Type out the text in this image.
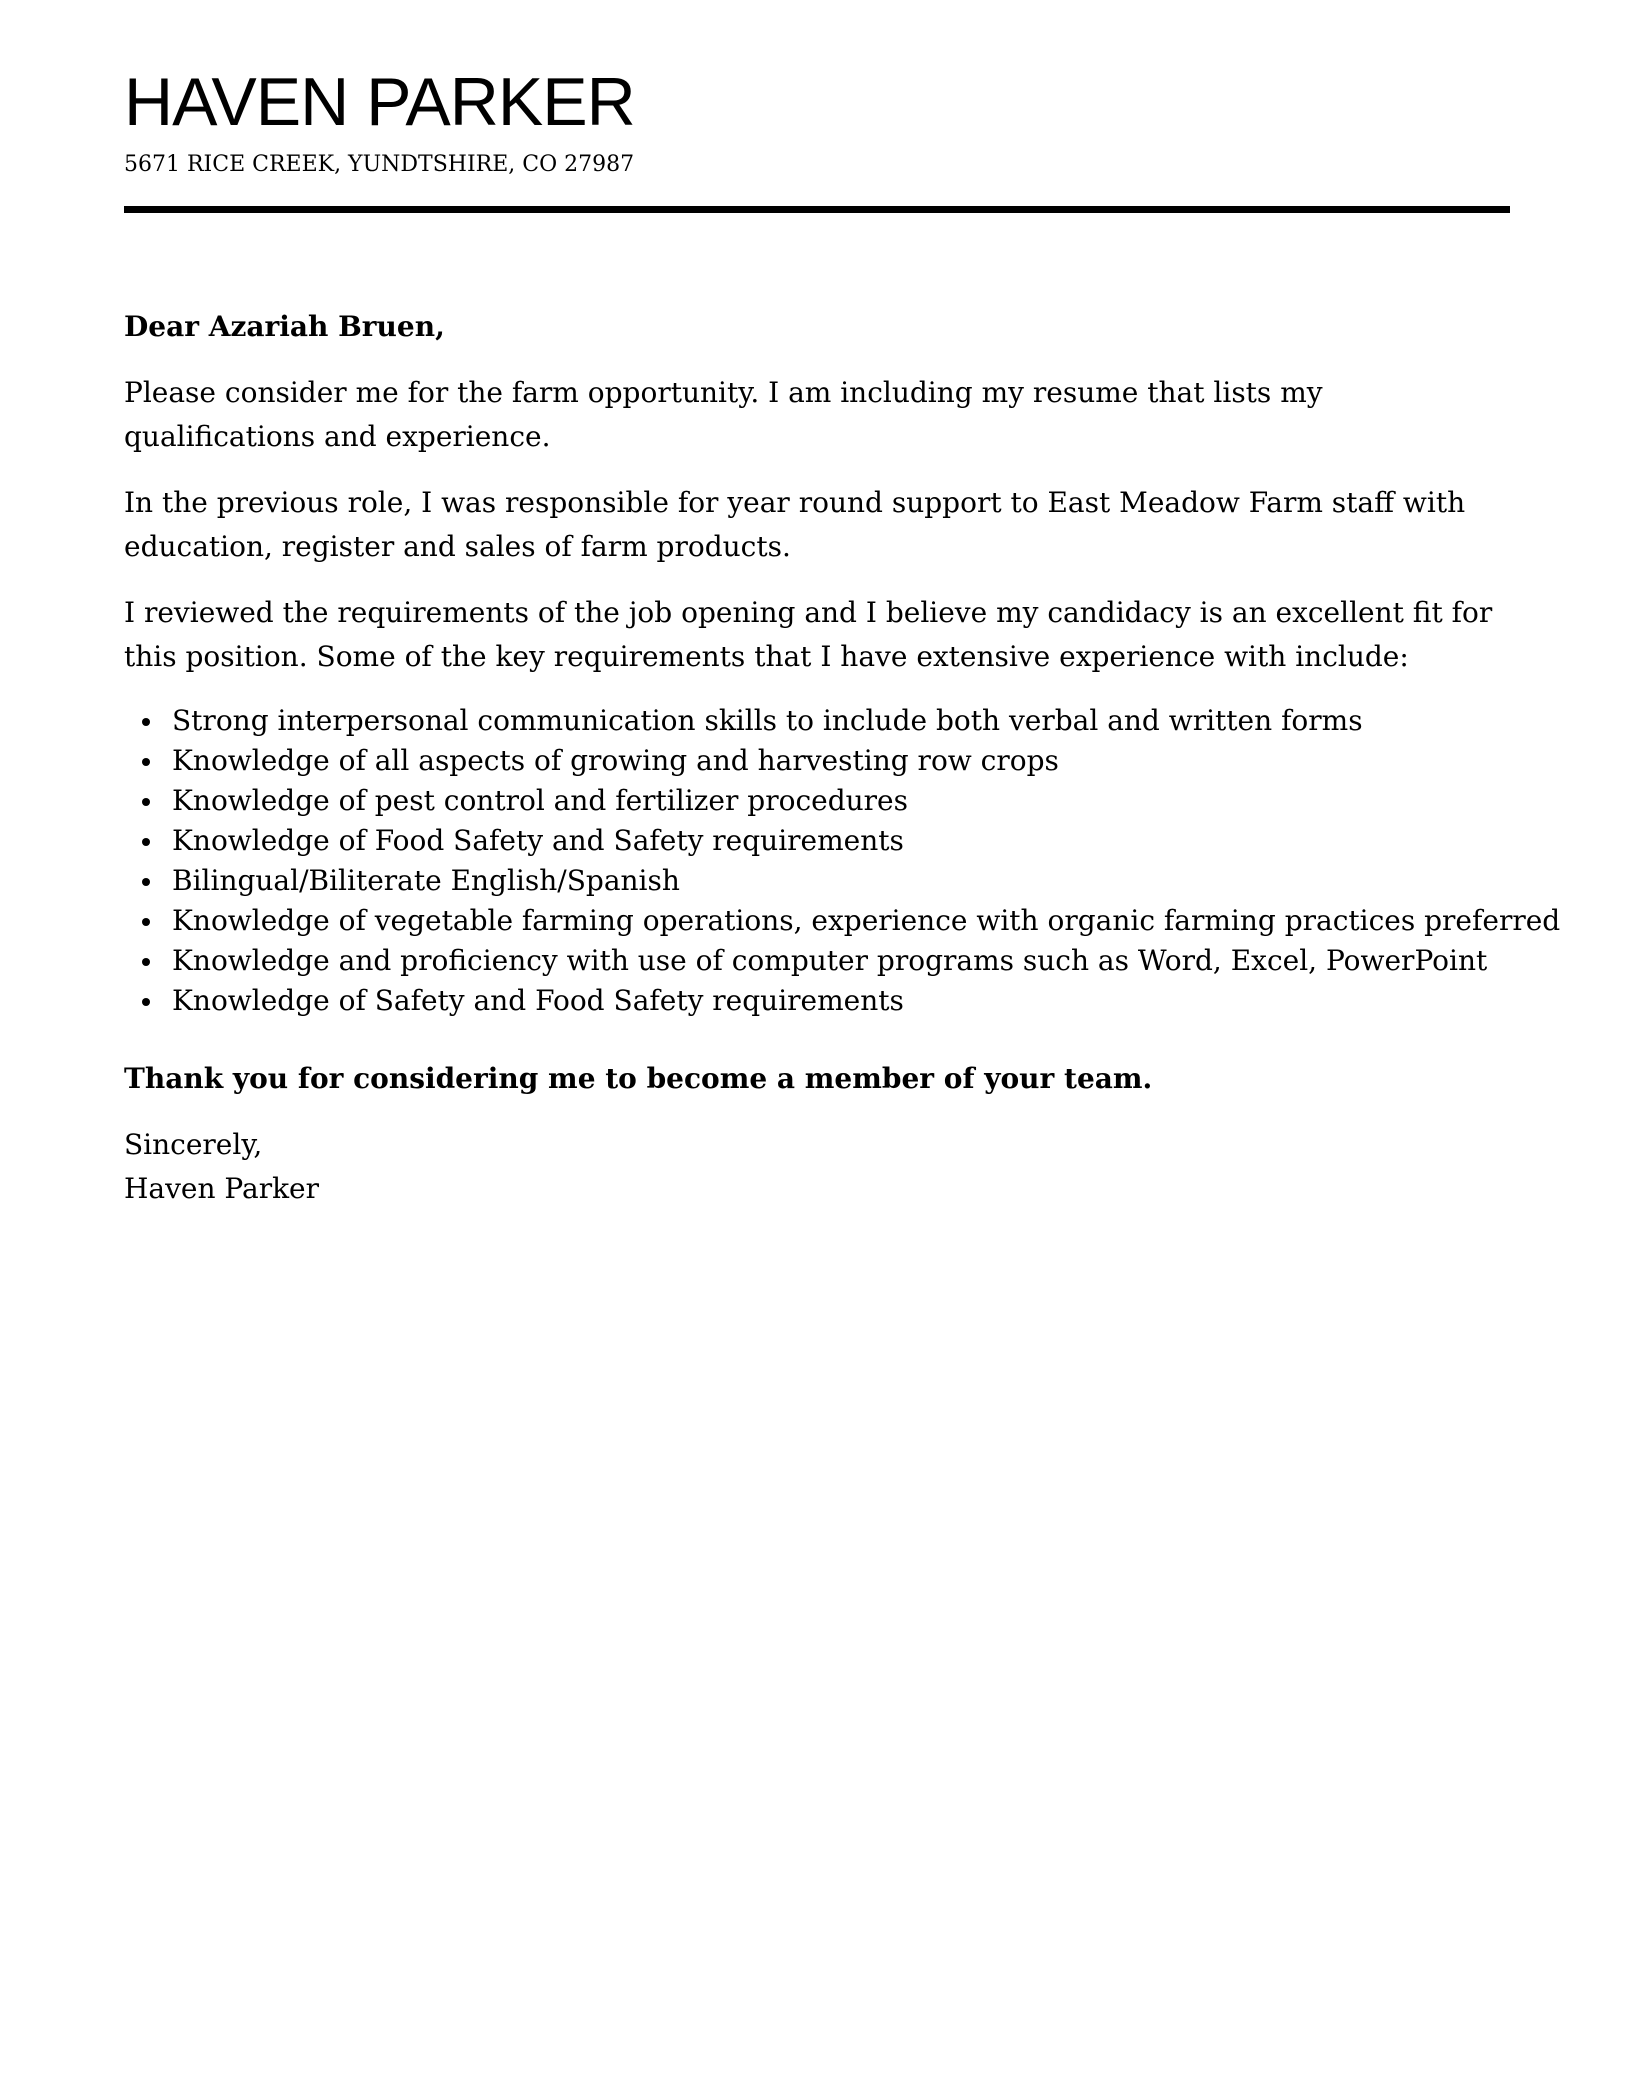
HAVEN PARKER
5671 RICE CREEK, YUNDTSHIRE, CO 27987

Dear Azariah Bruen,

Please consider me for the farm opportunity. I am including my resume that lists my qualifications and experience.

In the previous role, I was responsible for year round support to East Meadow Farm staff with education, register and sales of farm products.

I reviewed the requirements of the job opening and I believe my candidacy is an excellent fit for this position. Some of the key requirements that I have extensive experience with include:

Strong interpersonal communication skills to include both verbal and written forms
Knowledge of all aspects of growing and harvesting row crops
Knowledge of pest control and fertilizer procedures
Knowledge of Food Safety and Safety requirements
Bilingual/Biliterate English/Spanish
Knowledge of vegetable farming operations, experience with organic farming practices preferred
Knowledge and proficiency with use of computer programs such as Word, Excel, PowerPoint
Knowledge of Safety and Food Safety requirements

Thank you for considering me to become a member of your team.

Sincerely,
Haven Parker
